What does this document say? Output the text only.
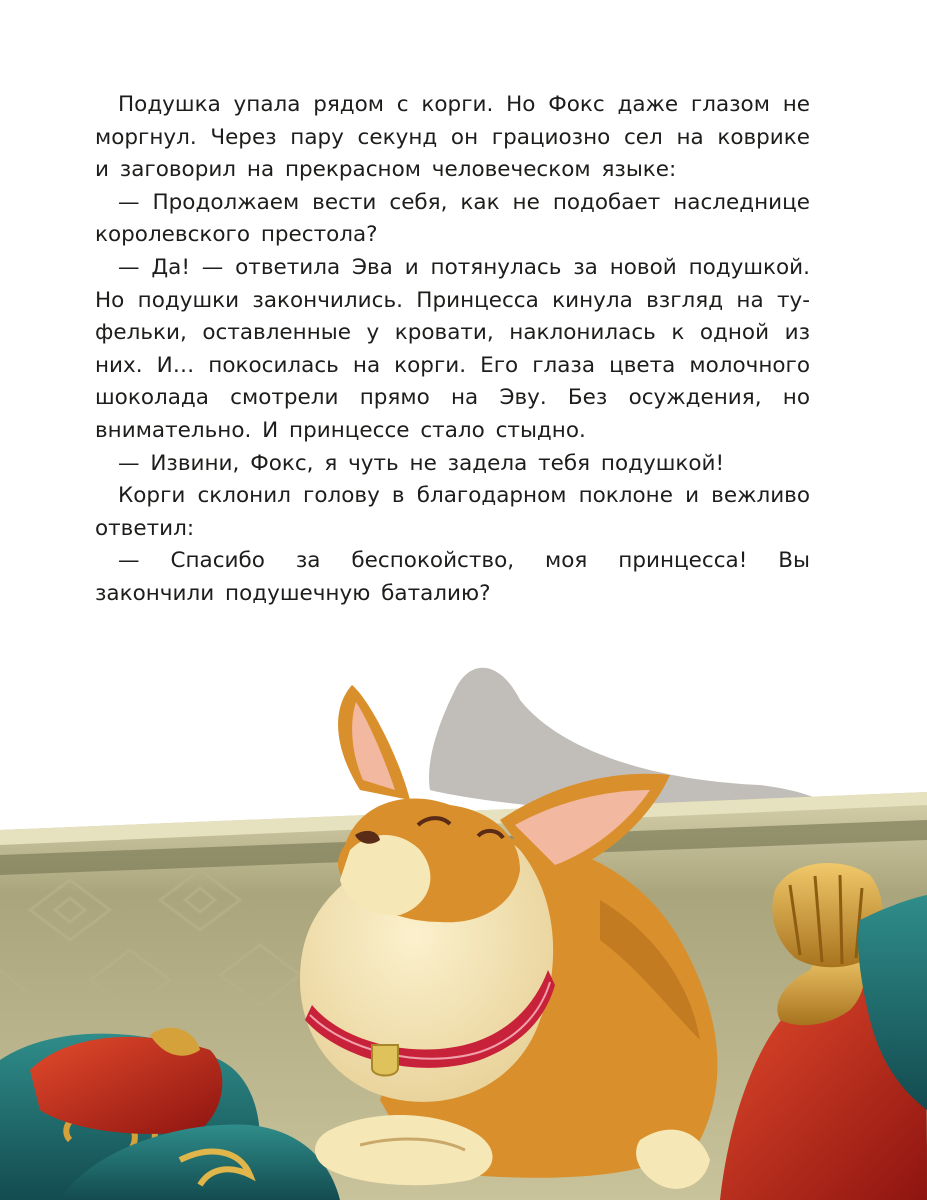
Подушка упала рядом с корги. Но Фокс даже глазом не моргнул. Через пару секунд он грациозно сел на коврике и заговорил на прекрасном человеческом языке:

— Продолжаем вести себя, как не подобает наследнице королевского престола?

— Да! — ответила Эва и потянулась за новой подушкой. Но подушки закончились. Принцесса кинула взгляд на туфельки, оставленные у кровати, наклонилась к одной из них. И… покосилась на корги. Его глаза цвета молочного шоколада смотрели прямо на Эву. Без осуждения, но внимательно. И принцессе стало стыдно.

— Извини, Фокс, я чуть не задела тебя подушкой!

Корги склонил голову в благодарном поклоне и вежливо ответил:

— Спасибо за беспокойство, моя принцесса! Вы закончили подушечную баталию?
